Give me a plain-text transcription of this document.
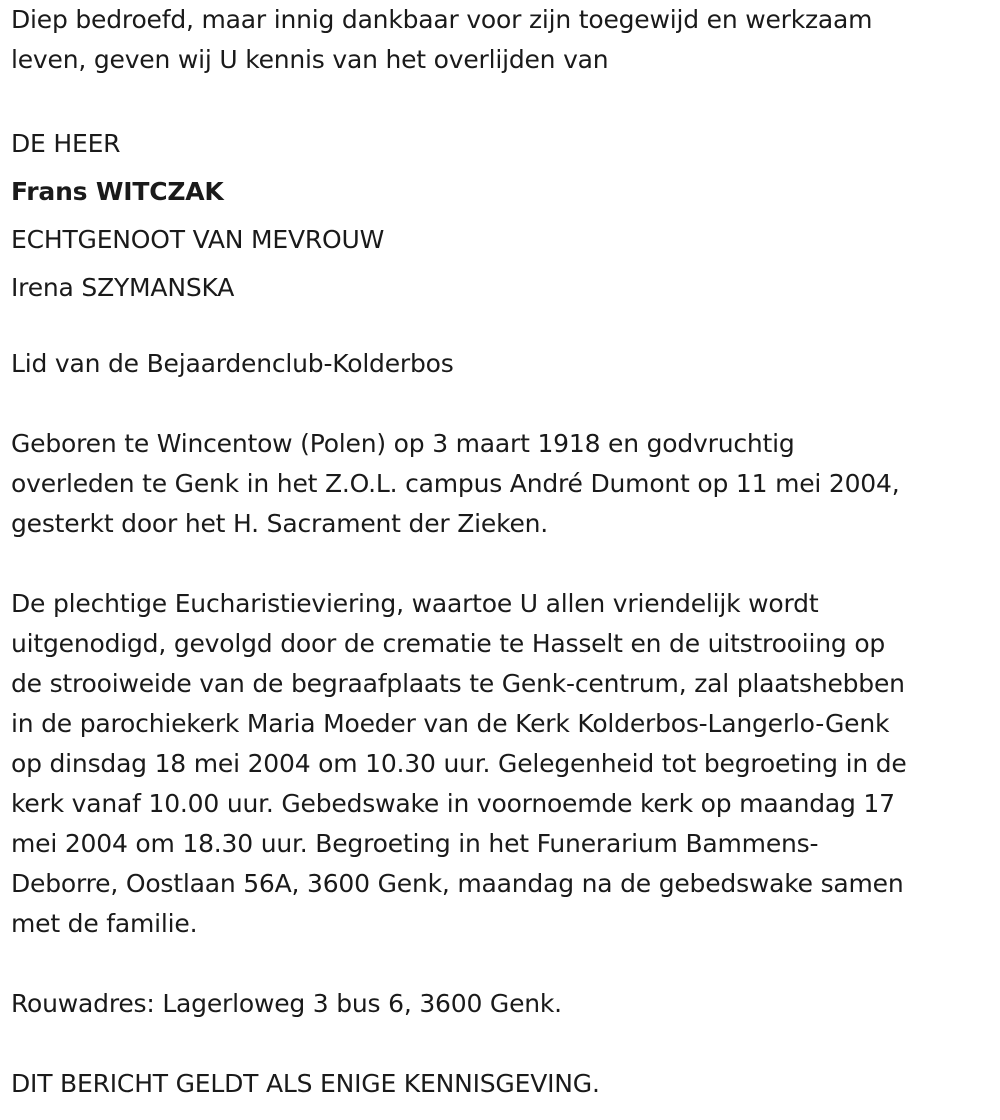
Diep bedroefd, maar innig dankbaar voor zijn toegewijd en werkzaam
leven, geven wij U kennis van het overlijden van
DE HEER
Frans WITCZAK
ECHTGENOOT VAN MEVROUW
Irena SZYMANSKA
Lid van de Bejaardenclub-Kolderbos
Geboren te Wincentow (Polen) op 3 maart 1918 en godvruchtig
overleden te Genk in het Z.O.L. campus André Dumont op 11 mei 2004,
gesterkt door het H. Sacrament der Zieken.
De plechtige Eucharistieviering, waartoe U allen vriendelijk wordt
uitgenodigd, gevolgd door de crematie te Hasselt en de uitstrooiing op
de strooiweide van de begraafplaats te Genk-centrum, zal plaatshebben
in de parochiekerk Maria Moeder van de Kerk Kolderbos-Langerlo-Genk
op dinsdag 18 mei 2004 om 10.30 uur. Gelegenheid tot begroeting in de
kerk vanaf 10.00 uur. Gebedswake in voornoemde kerk op maandag 17
mei 2004 om 18.30 uur. Begroeting in het Funerarium Bammens-
Deborre, Oostlaan 56A, 3600 Genk, maandag na de gebedswake samen
met de familie.
Rouwadres: Lagerloweg 3 bus 6, 3600 Genk.
DIT BERICHT GELDT ALS ENIGE KENNISGEVING.
